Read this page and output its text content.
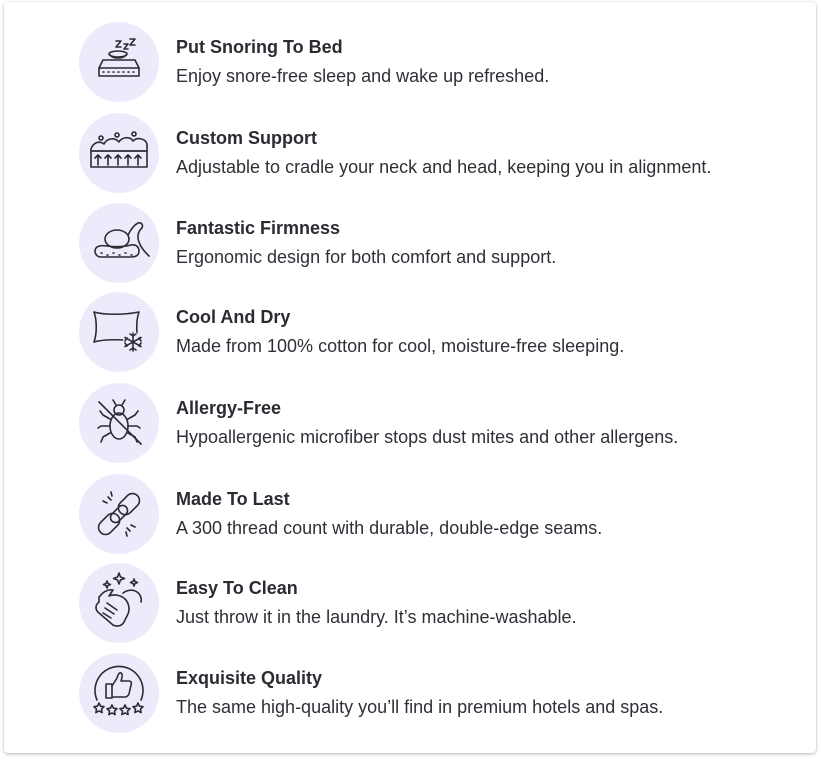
Put Snoring To Bed
Enjoy snore-free sleep and wake up refreshed.
Custom Support
Adjustable to cradle your neck and head, keeping you in alignment.
Fantastic Firmness
Ergonomic design for both comfort and support.
Cool And Dry
Made from 100% cotton for cool, moisture-free sleeping.
Allergy-Free
Hypoallergenic microfiber stops dust mites and other allergens.
Made To Last
A 300 thread count with durable, double-edge seams.
Easy To Clean
Just throw it in the laundry. It’s machine-washable.
Exquisite Quality
The same high-quality you’ll find in premium hotels and spas.
